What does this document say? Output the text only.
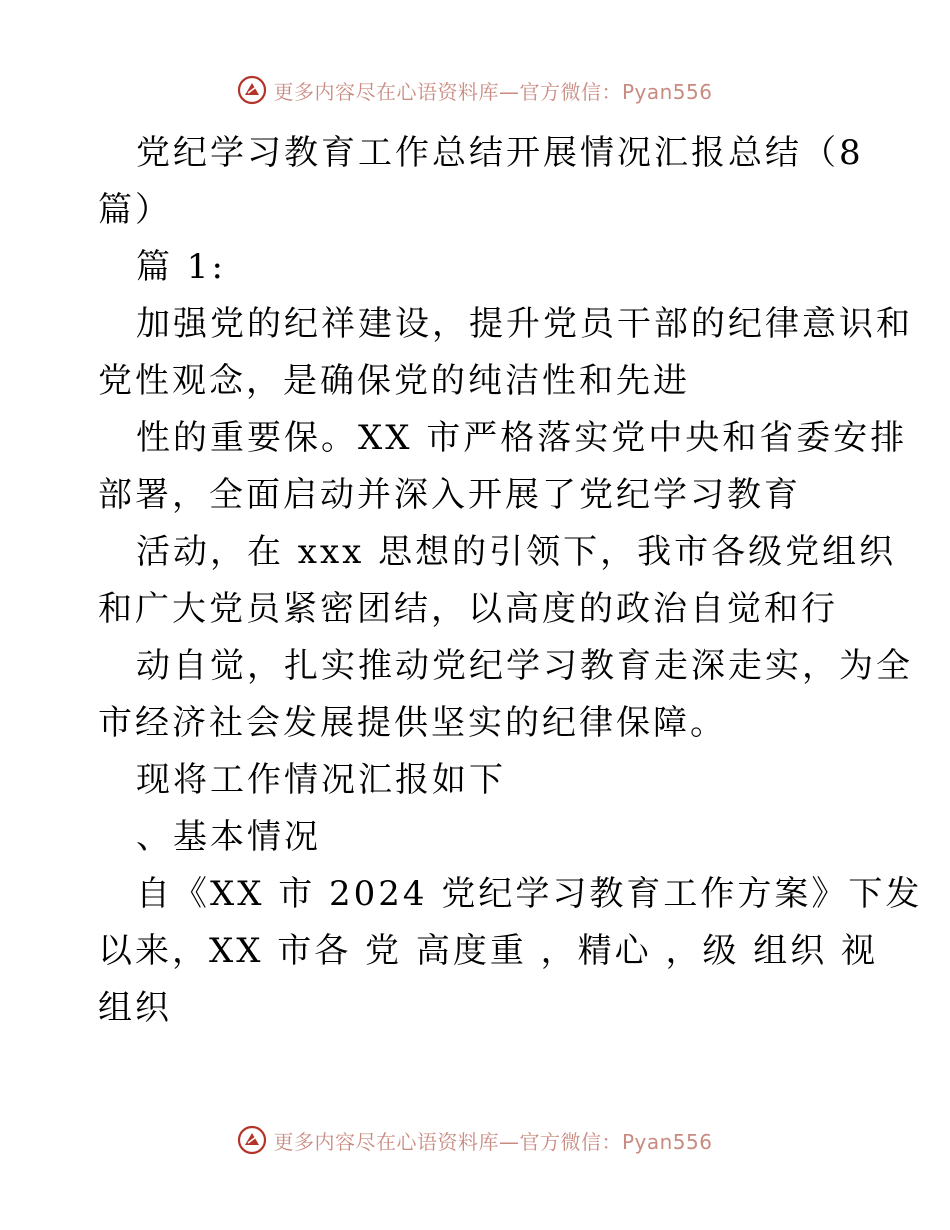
更多内容尽在心语资料库—官方微信：Pyan556
党纪学习教育工作总结开展情况汇报总结（8
篇）
篇 1:
加强党的纪祥建设，提升党员干部的纪律意识和
党性观念，是确保党的纯洁性和先进
性的重要保。XX 市严格落实党中央和省委安排
部署，全面启动并深入开展了党纪学习教育
活动，在 xxx 思想的引领下，我市各级党组织
和广大党员紧密团结，以高度的政治自觉和行
动自觉，扎实推动党纪学习教育走深走实，为全
市经济社会发展提供坚实的纪律保障。
现将工作情况汇报如下
、基本情况
自《XX 市 2024 党纪学习教育工作方案》下发
以来，XX 市各 党 高度重 ，精心 ，级 组织 视
组织
更多内容尽在心语资料库—官方微信：Pyan556
